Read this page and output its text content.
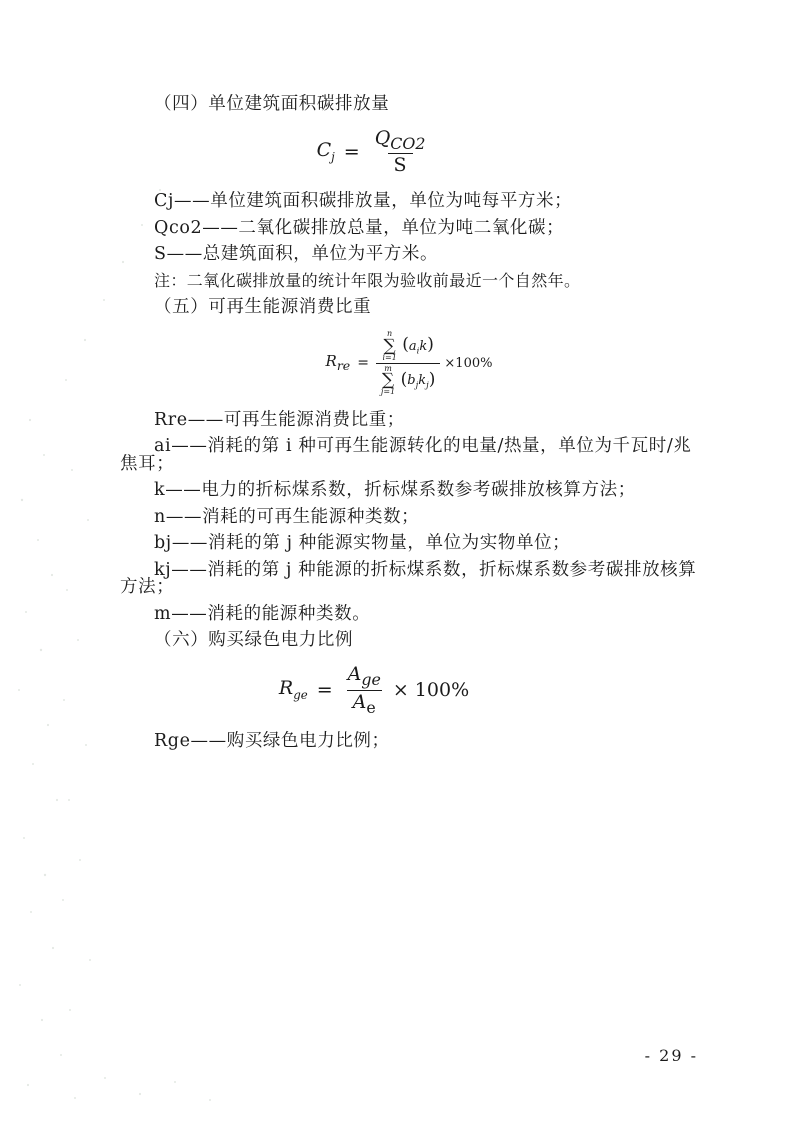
（四）单位建筑面积碳排放量

$C_j = \frac{Q_{CO2}}{S}$

Cj——单位建筑面积碳排放量，单位为吨每平方米；

Qco2——二氧化碳排放总量，单位为吨二氧化碳；

S——总建筑面积，单位为平方米。

注：二氧化碳排放量的统计年限为验收前最近一个自然年。

（五）可再生能源消费比重

$R_{re}$ =
n
∑
i=1
$(a_ik)$
m
∑
j=1
$(b_jk_j)$
×100%

Rre——可再生能源消费比重；

ai——消耗的第 i 种可再生能源转化的电量/热量，单位为千瓦时/兆焦耳；

k——电力的折标煤系数，折标煤系数参考碳排放核算方法；

n——消耗的可再生能源种类数；

bj——消耗的第 j 种能源实物量，单位为实物单位；

kj——消耗的第 j 种能源的折标煤系数，折标煤系数参考碳排放核算方法；

m——消耗的能源种类数。

（六）购买绿色电力比例

$R_{ge} = \frac{A_{ge}}{A_e} \times 100\%$

Rge——购买绿色电力比例；

- 29 -
